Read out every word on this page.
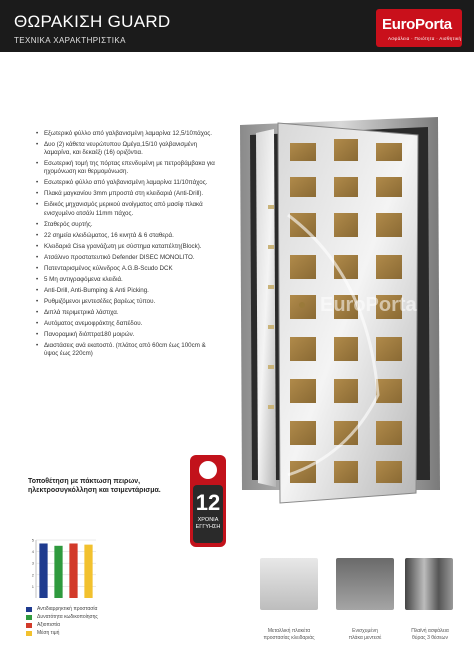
ΘΩΡΑΚΙΣΗ GUARD
ΤΕΧΝΙΚΑ ΧΑΡΑΚΤΗΡΙΣΤΙΚΑ
EuroPorta
Ασφάλεια · Ποιότητα · Αισθητική
• Εξωτερικό φύλλο από γαλβανισμένη λαμαρίνα 12,5/10πάχος.
• Δυο (2) κάθετα νευρώτυπου Ωμέγα,15/10 γαλβανισμένη λαμαρίνα, και δεκαέξι (16) οριζόντια.
• Εσωτερική τομή της πόρτας επενδυμένη με πετροβάμβακα για ηχομόνωση και θερμομόνωση.
• Εσωτερικό φύλλο από γαλβανισμένη λαμαρίνα 11/10πάχος.
• Πλακά μαγκανίου 3mm μπροστά στη κλειδαριά (Anti-Drill).
• Ειδικός μηχανισμός μερικού ανοίγματος από μασίφ πλακά ενισχυμένο ατσάλι 11mm πάχος.
• Σταθερός συρτής.
• 22 σημεία κλειδώματος, 16 κινητά & 6 σταθερά.
• Κλειδαριά Cisa γρανάζωτη με σύστημα καταπέλτη(Block).
• Ατσάλινο προστατευτικό Defender DISEC MONOLITO.
• Πατενταρισμένος κύλινδρος A.G.B-Scudo DCK
• 5 Μη αντιγραφόμενα κλειδιά.
• Anti-Drill, Anti-Bumping & Anti Picking.
• Ρυθμιζόμενοι μεντεσέδες βαρέως τύπου.
• Διπλά περιμετρικά λάστιχα.
• Αυτόματος ανεμοφράκτης δαπέδου.
• Πανοραμική διόπτρα180 μοιρών.
• Διαστάσεις ανά εκατοστό. (πλάτος από 60cm έως 100cm & ύψος έως 220cm)
EuroPorta
Τοποθέτηση με πάκτωση πειρων, ηλεκτροσυγκόλληση και τσιμεντάρισμα.	12
ΧΡΟΝΙΑ
ΕΓΓΥΗΣΗ
1
2
3
4
5
Αντιδιαρρηκτική προστασία
Δυνατότητα κωδικοποίησης
Αξιοπιστία
Μέση τιμή	Μεταλλική πλακέτα
προστασίας κλειδαριάς
Ενισχυμένη
πλάκα μεντεσέ
Πλαϊνή ασφάλεια
θύρας 3 θέσεων
